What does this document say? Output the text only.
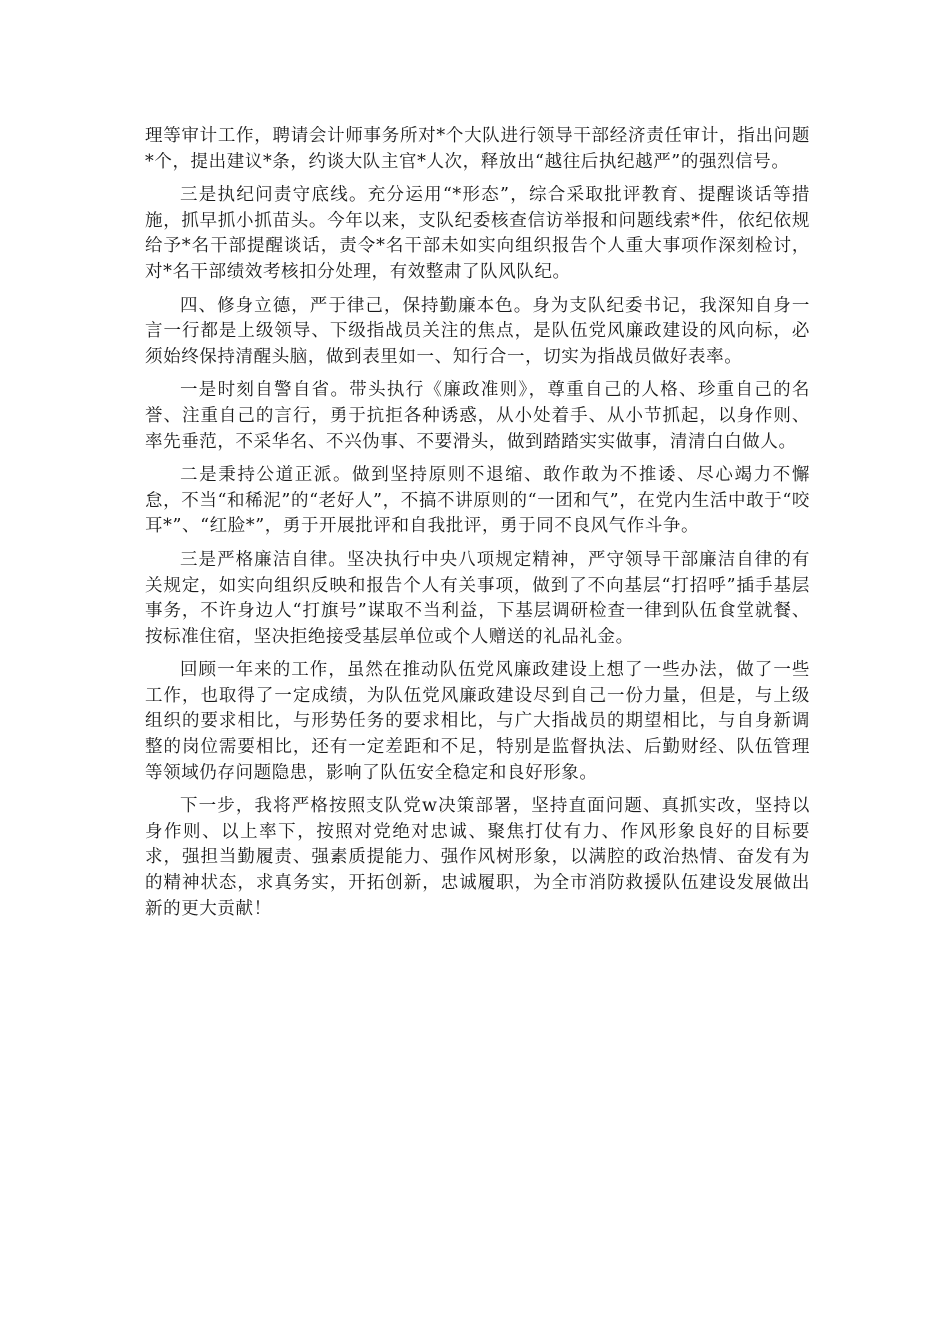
理等审计工作，聘请会计师事务所对*个大队进行领导干部经济责任审计，指出问题*个，提出建议*条，约谈大队主官*人次，释放出“越往后执纪越严”的强烈信号。

三是执纪问责守底线。充分运用“*形态”，综合采取批评教育、提醒谈话等措施，抓早抓小抓苗头。今年以来，支队纪委核查信访举报和问题线索*件，依纪依规给予*名干部提醒谈话，责令*名干部未如实向组织报告个人重大事项作深刻检讨，对*名干部绩效考核扣分处理，有效整肃了队风队纪。

四、修身立德，严于律己，保持勤廉本色。身为支队纪委书记，我深知自身一言一行都是上级领导、下级指战员关注的焦点，是队伍党风廉政建设的风向标，必须始终保持清醒头脑，做到表里如一、知行合一，切实为指战员做好表率。

一是时刻自警自省。带头执行《廉政准则》，尊重自己的人格、珍重自己的名誉、注重自己的言行，勇于抗拒各种诱惑，从小处着手、从小节抓起，以身作则、率先垂范，不采华名、不兴伪事、不要滑头，做到踏踏实实做事，清清白白做人。

二是秉持公道正派。做到坚持原则不退缩、敢作敢为不推诿、尽心竭力不懈怠，不当“和稀泥”的“老好人”，不搞不讲原则的“一团和气”，在党内生活中敢于“咬耳*”、“红脸*”，勇于开展批评和自我批评，勇于同不良风气作斗争。

三是严格廉洁自律。坚决执行中央八项规定精神，严守领导干部廉洁自律的有关规定，如实向组织反映和报告个人有关事项，做到了不向基层“打招呼”插手基层事务，不许身边人“打旗号”谋取不当利益，下基层调研检查一律到队伍食堂就餐、按标准住宿，坚决拒绝接受基层单位或个人赠送的礼品礼金。

回顾一年来的工作，虽然在推动队伍党风廉政建设上想了一些办法，做了一些工作，也取得了一定成绩，为队伍党风廉政建设尽到自己一份力量，但是，与上级组织的要求相比，与形势任务的要求相比，与广大指战员的期望相比，与自身新调整的岗位需要相比，还有一定差距和不足，特别是监督执法、后勤财经、队伍管理等领域仍存问题隐患，影响了队伍安全稳定和良好形象。

下一步，我将严格按照支队党w决策部署，坚持直面问题、真抓实改，坚持以身作则、以上率下，按照对党绝对忠诚、聚焦打仗有力、作风形象良好的目标要求，强担当勤履责、强素质提能力、强作风树形象，以满腔的政治热情、奋发有为的精神状态，求真务实，开拓创新，忠诚履职，为全市消防救援队伍建设发展做出新的更大贡献！
